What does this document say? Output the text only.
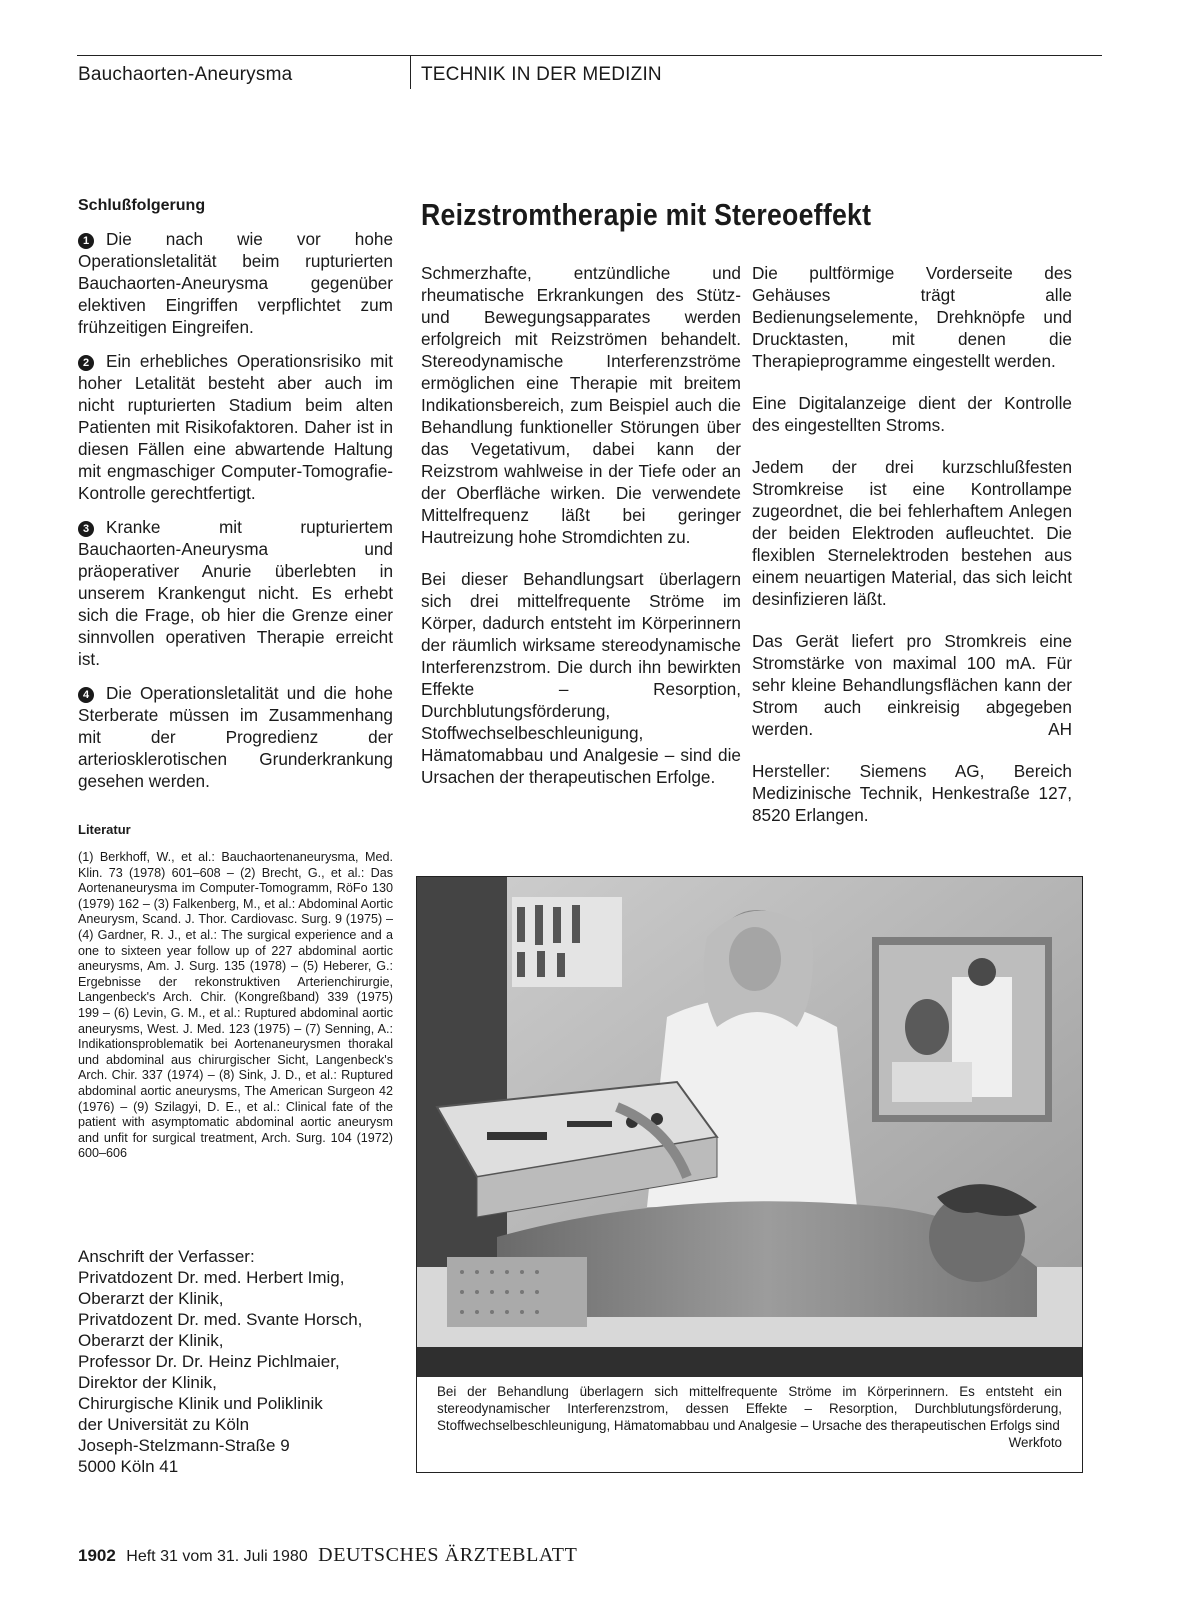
Bauchaorten-Aneurysma	TECHNIK IN DER MEDIZIN
Schlußfolgerung

1 Die nach wie vor hohe Operationsletalität beim rupturierten Bauchaorten-Aneurysma gegenüber elektiven Eingriffen verpflichtet zum frühzeitigen Eingreifen.

2 Ein erhebliches Operationsrisiko mit hoher Letalität besteht aber auch im nicht rupturierten Stadium beim alten Patienten mit Risikofaktoren. Daher ist in diesen Fällen eine abwartende Haltung mit engmaschiger Computer-Tomografie-Kontrolle gerechtfertigt.

3 Kranke mit rupturiertem Bauchaorten-Aneurysma und präoperativer Anurie überlebten in unserem Krankengut nicht. Es erhebt sich die Frage, ob hier die Grenze einer sinnvollen operativen Therapie erreicht ist.

4 Die Operationsletalität und die hohe Sterberate müssen im Zusammenhang mit der Progredienz der arteriosklerotischen Grunderkrankung gesehen werden.

Literatur
(1) Berkhoff, W., et al.: Bauchaortenaneurysma, Med. Klin. 73 (1978) 601–608 – (2) Brecht, G., et al.: Das Aortenaneurysma im Computer-Tomogramm, RöFo 130 (1979) 162 – (3) Falkenberg, M., et al.: Abdominal Aortic Aneurysm, Scand. J. Thor. Cardiovasc. Surg. 9 (1975) – (4) Gardner, R. J., et al.: The surgical experience and a one to sixteen year follow up of 227 abdominal aortic aneurysms, Am. J. Surg. 135 (1978) – (5) Heberer, G.: Ergebnisse der rekonstruktiven Arterienchirurgie, Langenbeck's Arch. Chir. (Kongreßband) 339 (1975) 199 – (6) Levin, G. M., et al.: Ruptured abdominal aortic aneurysms, West. J. Med. 123 (1975) – (7) Senning, A.: Indikationsproblematik bei Aortenaneurysmen thorakal und abdominal aus chirurgischer Sicht, Langenbeck's Arch. Chir. 337 (1974) – (8) Sink, J. D., et al.: Ruptured abdominal aortic aneurysms, The American Surgeon 42 (1976) – (9) Szilagyi, D. E., et al.: Clinical fate of the patient with asymptomatic abdominal aortic aneurysm and unfit for surgical treatment, Arch. Surg. 104 (1972) 600–606
Anschrift der Verfasser:
Privatdozent Dr. med. Herbert Imig,
Oberarzt der Klinik,
Privatdozent Dr. med. Svante Horsch,
Oberarzt der Klinik,
Professor Dr. Dr. Heinz Pichlmaier,
Direktor der Klinik,
Chirurgische Klinik und Poliklinik
der Universität zu Köln
Joseph-Stelzmann-Straße 9
5000 Köln 41
Reizstromtherapie mit Stereoeffekt

Schmerzhafte, entzündliche und rheumatische Erkrankungen des Stütz- und Bewegungsapparates werden erfolgreich mit Reizströmen behandelt. Stereodynamische Interferenzströme ermöglichen eine Therapie mit breitem Indikationsbereich, zum Beispiel auch die Behandlung funktioneller Störungen über das Vegetativum, dabei kann der Reizstrom wahlweise in der Tiefe oder an der Oberfläche wirken. Die verwendete Mittelfrequenz läßt bei geringer Hautreizung hohe Stromdichten zu.

Bei dieser Behandlungsart überlagern sich drei mittelfrequente Ströme im Körper, dadurch entsteht im Körperinnern der räumlich wirksame stereodynamische Interferenzstrom. Die durch ihn bewirkten Effekte – Resorption, Durchblutungsförderung, Stoffwechselbeschleunigung, Hämatomabbau und Analgesie – sind die Ursachen der therapeutischen Erfolge.

Die pultförmige Vorderseite des Gehäuses trägt alle Bedienungselemente, Drehknöpfe und Drucktasten, mit denen die Therapieprogramme eingestellt werden.

Eine Digitalanzeige dient der Kontrolle des eingestellten Stroms.

Jedem der drei kurzschlußfesten Stromkreise ist eine Kontrollampe zugeordnet, die bei fehlerhaftem Anlegen der beiden Elektroden aufleuchtet. Die flexiblen Sternelektroden bestehen aus einem neuartigen Material, das sich leicht desinfizieren läßt.

Das Gerät liefert pro Stromkreis eine Stromstärke von maximal 100 mA. Für sehr kleine Behandlungsflächen kann der Strom auch einkreisig abgegeben werden.	AH

Hersteller: Siemens AG, Bereich Medizinische Technik, Henkestraße 127, 8520 Erlangen.

Bei der Behandlung überlagern sich mittelfrequente Ströme im Körperinnern. Es entsteht ein stereodynamischer Interferenzstrom, dessen Effekte – Resorption, Durchblutungsförderung, Stoffwechselbeschleunigung, Hämatomabbau und Analgesie – Ursache des therapeutischen Erfolgs sind
Werkfoto
1902 Heft 31 vom 31. Juli 1980 DEUTSCHES ÄRZTEBLATT
